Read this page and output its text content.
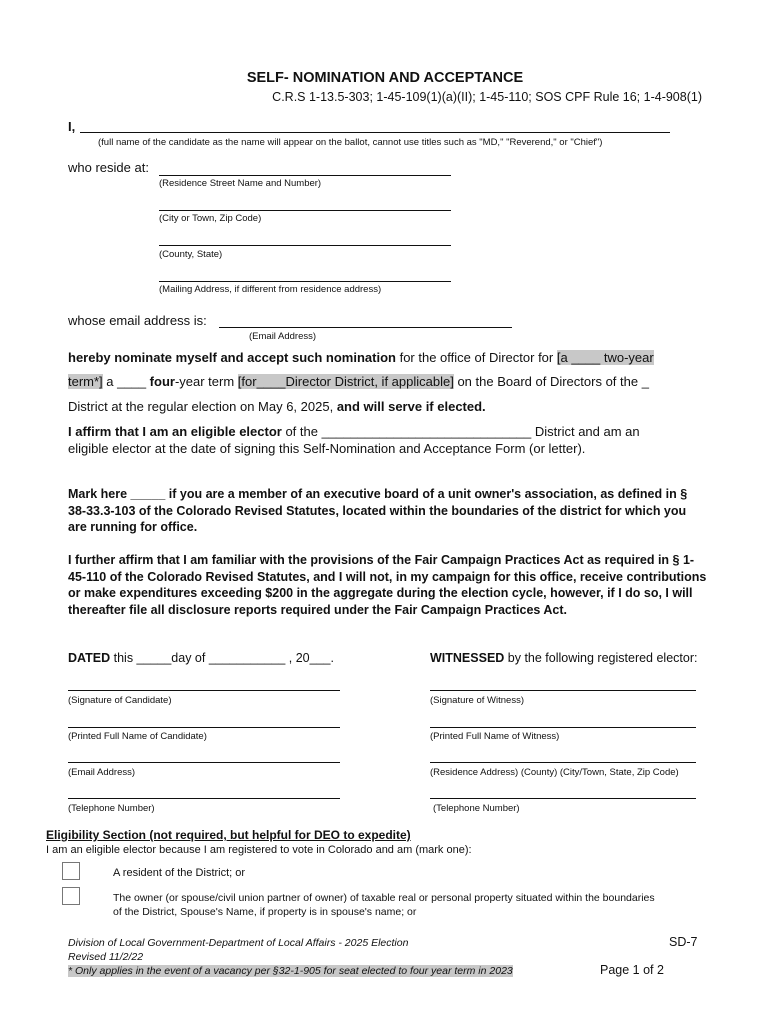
SELF- NOMINATION AND ACCEPTANCE
C.R.S 1-13.5-303; 1-45-109(1)(a)(II); 1-45-110; SOS CPF Rule 16; 1-4-908(1)
I,
(full name of the candidate as the name will appear on the ballot, cannot use titles such as "MD," "Reverend," or "Chief")
who reside at:
(Residence Street Name and Number)
(City or Town, Zip Code)
(County, State)
(Mailing Address, if different from residence address)
whose email address is:
(Email Address)
hereby nominate myself and accept such nomination for the office of Director for [a ____ two-year
term*] a ____ four-year term [for____Director District, if applicable] on the Board of Directors of the _
District at the regular election on May 6, 2025, and will serve if elected.
I affirm that I am an eligible elector of the _____________________________ District and am an
eligible elector at the date of signing this Self-Nomination and Acceptance Form (or letter).
Mark here _____ if you are a member of an executive board of a unit owner's association, as defined in § 38-33.3-103 of the Colorado Revised Statutes, located within the boundaries of the district for which you are running for office.
I further affirm that I am familiar with the provisions of the Fair Campaign Practices Act as required in § 1- 45-110 of the Colorado Revised Statutes, and I will not, in my campaign for this office, receive contributions or make expenditures exceeding $200 in the aggregate during the election cycle, however, if I do so, I will thereafter file all disclosure reports required under the Fair Campaign Practices Act.
DATED this _____day of ___________ , 20___.	WITNESSED by the following registered elector:
(Signature of Candidate)
(Printed Full Name of Candidate)
(Email Address)
(Telephone Number)
(Signature of Witness)
(Printed Full Name of Witness)
(Residence Address) (County) (City/Town, State, Zip Code)
(Telephone Number)
Eligibility Section (not required, but helpful for DEO to expedite)
I am an eligible elector because I am registered to vote in Colorado and am (mark one):
A resident of the District; or
The owner (or spouse/civil union partner of owner) of taxable real or personal property situated within the boundaries
of the District, Spouse's Name, if property is in spouse's name; or
Division of Local Government-Department of Local Affairs - 2025 Election
Revised 11/2/22
* Only applies in the event of a vacancy per §32-1-905 for seat elected to four year term in 2023
SD-7
Page 1 of 2
